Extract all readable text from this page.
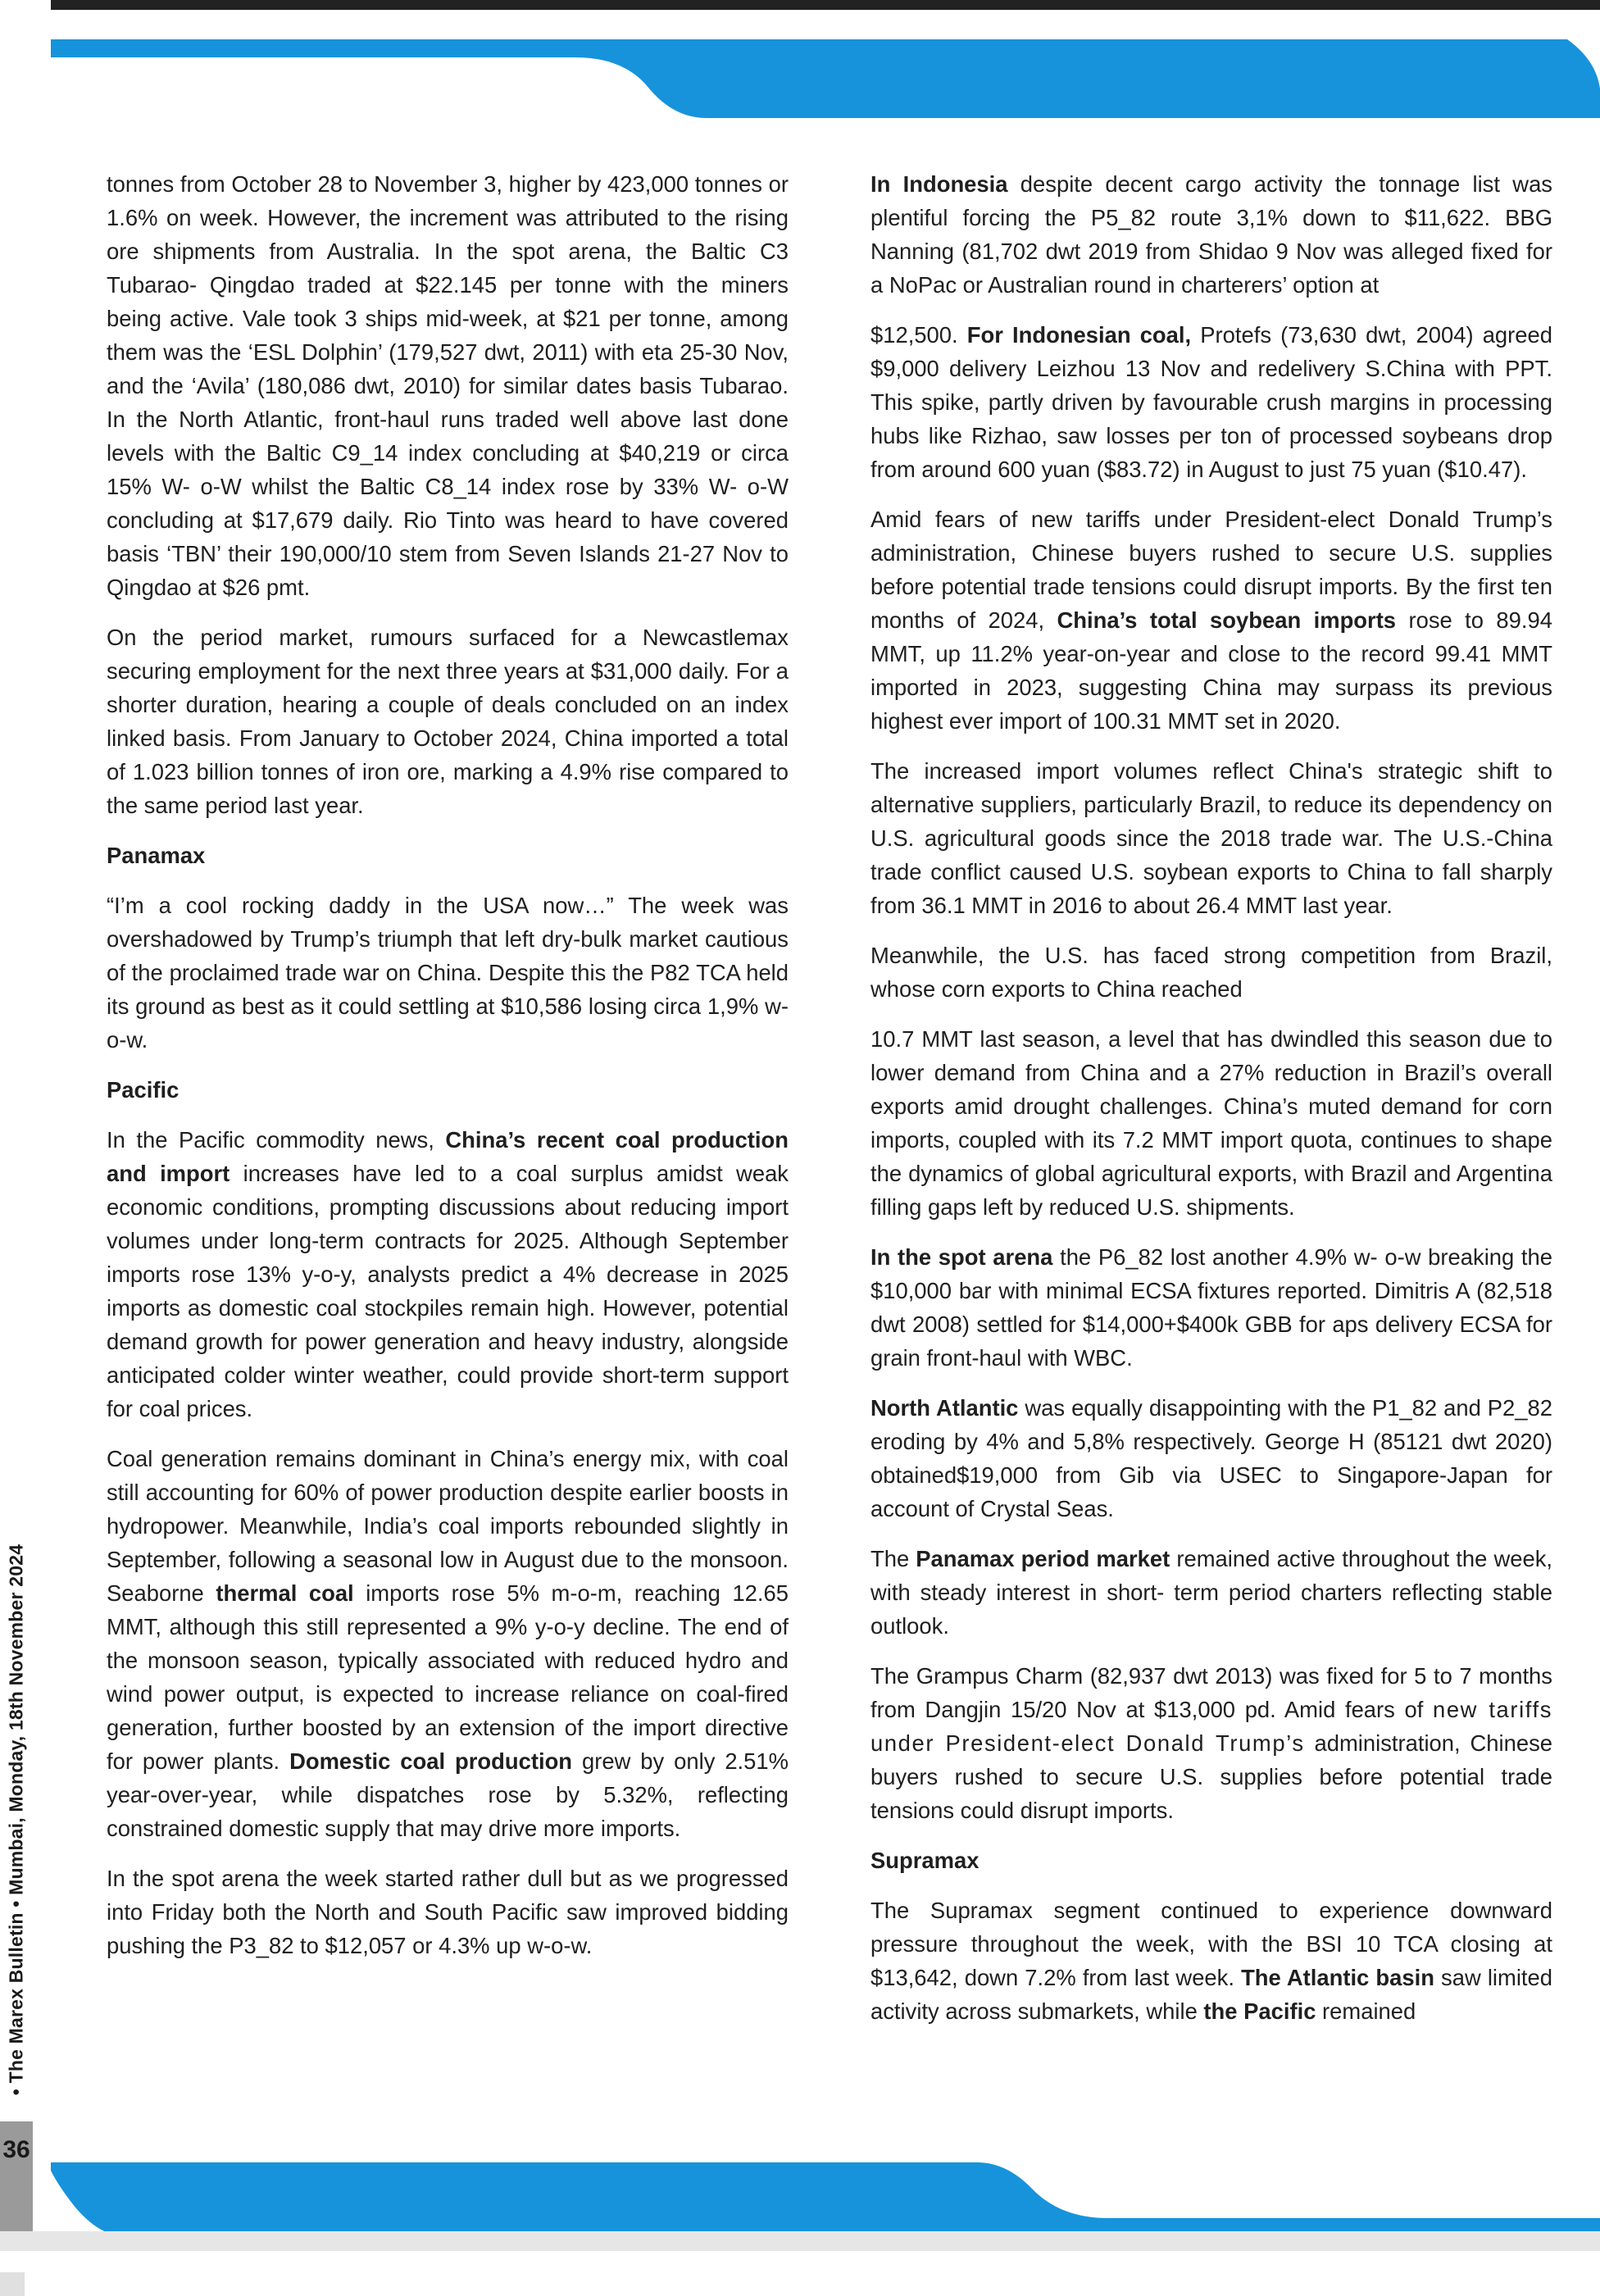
• The Marex Bulletin • Mumbai, Monday, 18th November 2024
36

tonnes from October 28 to November 3, higher by 423,000 tonnes or 1.6% on week. However, the increment was attributed to the rising ore shipments from Australia. In the spot arena, the Baltic C3 Tubarao- Qingdao traded at $22.145 per tonne with the miners being active. Vale took 3 ships mid-week, at $21 per tonne, among them was the ‘ESL Dolphin’ (179,527 dwt, 2011) with eta 25-30 Nov, and the ‘Avila’ (180,086 dwt, 2010) for similar dates basis Tubarao. In the North Atlantic, front-haul runs traded well above last done levels with the Baltic C9_14 index concluding at $40,219 or circa 15% W- o-W whilst the Baltic C8_14 index rose by 33% W- o-W concluding at $17,679 daily. Rio Tinto was heard to have covered basis ‘TBN’ their 190,000/10 stem from Seven Islands 21-27 Nov to Qingdao at $26 pmt.

On the period market, rumours surfaced for a Newcastlemax securing employment for the next three years at $31,000 daily. For a shorter duration, hearing a couple of deals concluded on an index linked basis. From January to October 2024, China imported a total of 1.023 billion tonnes of iron ore, marking a 4.9% rise compared to the same period last year.

Panamax

“I’m a cool rocking daddy in the USA now…” The week was overshadowed by Trump’s triumph that left dry-bulk market cautious of the proclaimed trade war on China. Despite this the P82 TCA held its ground as best as it could settling at $10,586 losing circa 1,9% w-o-w.

Pacific

In the Pacific commodity news, China’s recent coal production and import increases have led to a coal surplus amidst weak economic conditions, prompting discussions about reducing import volumes under long-term contracts for 2025. Although September imports rose 13% y-o-y, analysts predict a 4% decrease in 2025 imports as domestic coal stockpiles remain high. However, potential demand growth for power generation and heavy industry, alongside anticipated colder winter weather, could provide short-term support for coal prices.

Coal generation remains dominant in China’s energy mix, with coal still accounting for 60% of power production despite earlier boosts in hydropower. Meanwhile, India’s coal imports rebounded slightly in September, following a seasonal low in August due to the monsoon. Seaborne thermal coal imports rose 5% m-o-m, reaching 12.65 MMT, although this still represented a 9% y-o-y decline. The end of the monsoon season, typically associated with reduced hydro and wind power output, is expected to increase reliance on coal-fired generation, further boosted by an extension of the import directive for power plants. Domestic coal production grew by only 2.51% year-over-year, while dispatches rose by 5.32%, reflecting constrained domestic supply that may drive more imports.

In the spot arena the week started rather dull but as we progressed into Friday both the North and South Pacific saw improved bidding pushing the P3_82 to $12,057 or 4.3% up w-o-w.

In Indonesia despite decent cargo activity the tonnage list was plentiful forcing the P5_82 route 3,1% down to $11,622. BBG Nanning (81,702 dwt 2019 from Shidao 9 Nov was alleged fixed for a NoPac or Australian round in charterers’ option at

$12,500. For Indonesian coal, Protefs (73,630 dwt, 2004) agreed $9,000 delivery Leizhou 13 Nov and redelivery S.China with PPT. This spike, partly driven by favourable crush margins in processing hubs like Rizhao, saw losses per ton of processed soybeans drop from around 600 yuan ($83.72) in August to just 75 yuan ($10.47).

Amid fears of new tariffs under President-elect Donald Trump’s administration, Chinese buyers rushed to secure U.S. supplies before potential trade tensions could disrupt imports. By the first ten months of 2024, China’s total soybean imports rose to 89.94 MMT, up 11.2% year-on-year and close to the record 99.41 MMT imported in 2023, suggesting China may surpass its previous highest ever import of 100.31 MMT set in 2020.

The increased import volumes reflect China's strategic shift to alternative suppliers, particularly Brazil, to reduce its dependency on U.S. agricultural goods since the 2018 trade war. The U.S.-China trade conflict caused U.S. soybean exports to China to fall sharply from 36.1 MMT in 2016 to about 26.4 MMT last year.

Meanwhile, the U.S. has faced strong competition from Brazil, whose corn exports to China reached

10.7 MMT last season, a level that has dwindled this season due to lower demand from China and a 27% reduction in Brazil’s overall exports amid drought challenges. China’s muted demand for corn imports, coupled with its 7.2 MMT import quota, continues to shape the dynamics of global agricultural exports, with Brazil and Argentina filling gaps left by reduced U.S. shipments.

In the spot arena the P6_82 lost another 4.9% w- o-w breaking the $10,000 bar with minimal ECSA fixtures reported. Dimitris A (82,518 dwt 2008) settled for $14,000+$400k GBB for aps delivery ECSA for grain front-haul with WBC.

North Atlantic was equally disappointing with the P1_82 and P2_82 eroding by 4% and 5,8% respectively. George H (85121 dwt 2020) obtained$19,000 from Gib via USEC to Singapore-Japan for account of Crystal Seas.

The Panamax period market remained active throughout the week, with steady interest in short- term period charters reflecting stable outlook.

The Grampus Charm (82,937 dwt 2013) was fixed for 5 to 7 months from Dangjin 15/20 Nov at $13,000 pd. Amid fears of new tariffs under President-elect Donald Trump’s administration, Chinese buyers rushed to secure U.S. supplies before potential trade tensions could disrupt imports.

Supramax

The Supramax segment continued to experience downward pressure throughout the week, with the BSI 10 TCA closing at $13,642, down 7.2% from last week. The Atlantic basin saw limited activity across submarkets, while the Pacific remained
